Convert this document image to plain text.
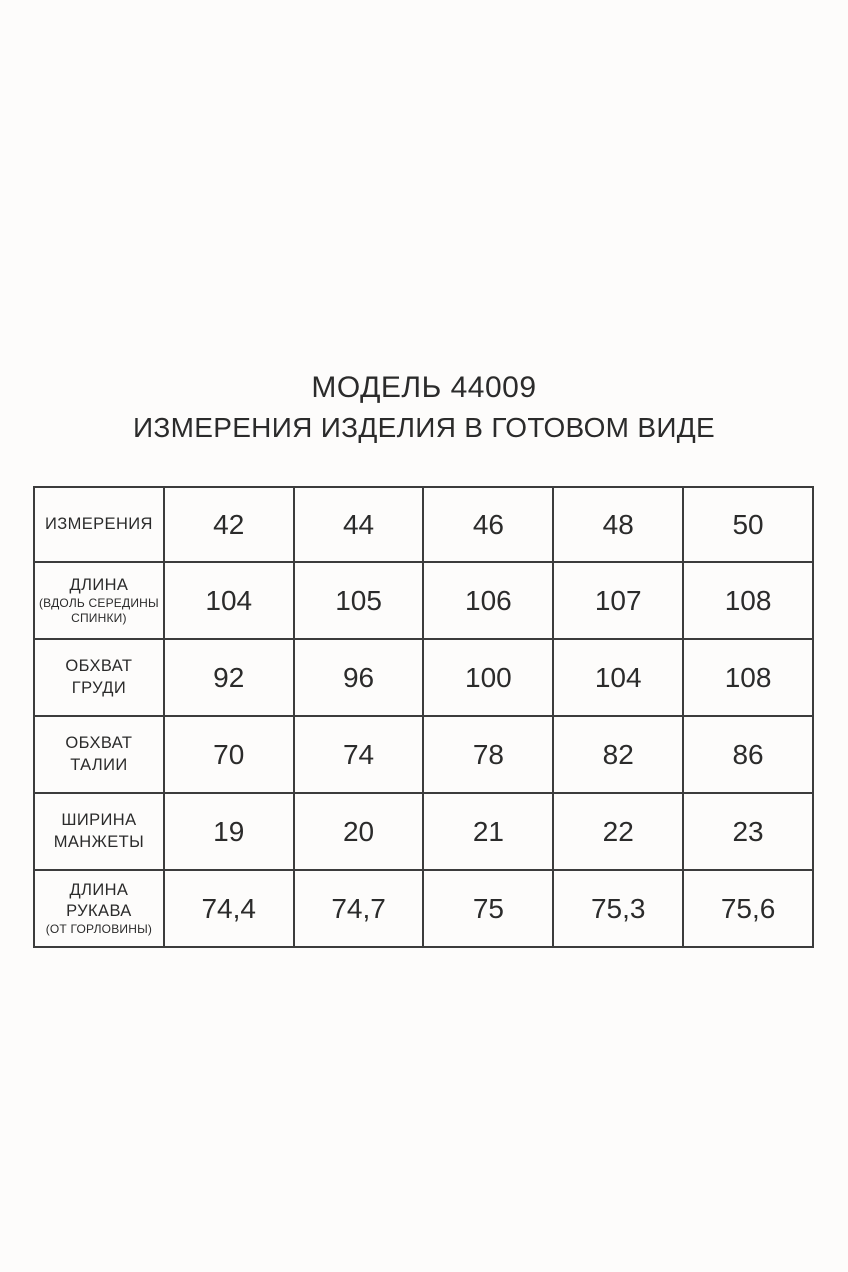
МОДЕЛЬ 44009
ИЗМЕРЕНИЯ ИЗДЕЛИЯ В ГОТОВОМ ВИДЕ
ИЗМЕРЕНИЯ	42	44	46	48	50

ДЛИНА
(ВДОЛЬ СЕРЕДИНЫ СПИНКИ)	104	105	106	107	108

ОБХВАТ ГРУДИ	92	96	100	104	108

ОБХВАТ ТАЛИИ	70	74	78	82	86

ШИРИНА МАНЖЕТЫ	19	20	21	22	23

ДЛИНА РУКАВА
(ОТ ГОРЛОВИНЫ)	74,4	74,7	75	75,3	75,6
